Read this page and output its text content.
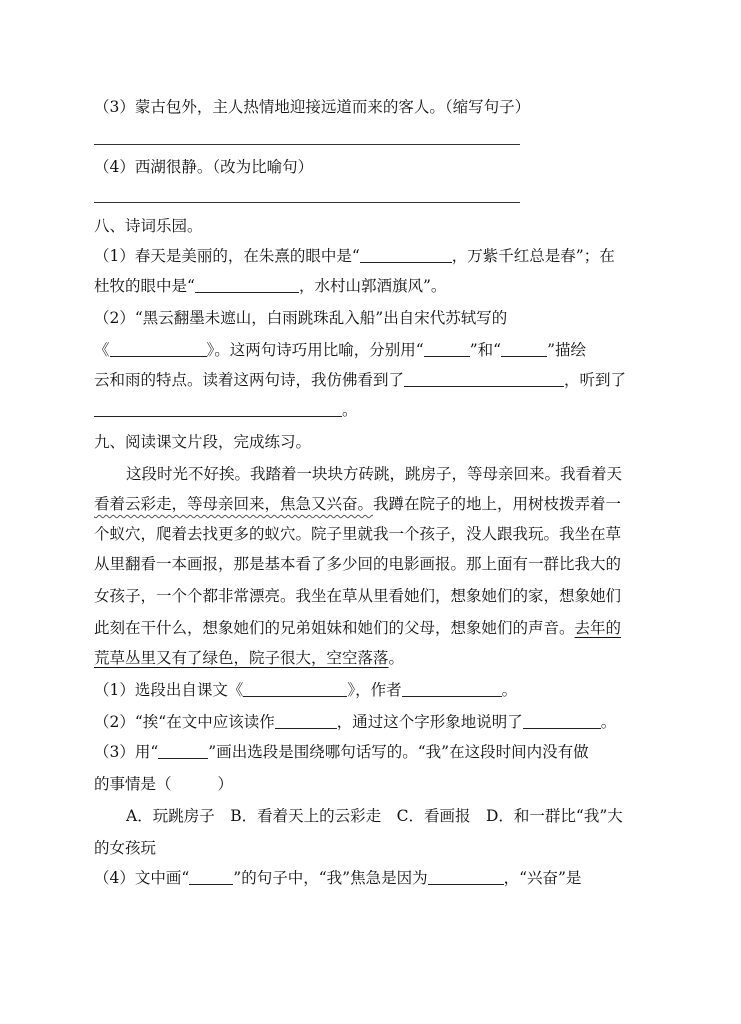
（3）蒙古包外，主人热情地迎接远道而来的客人。（缩写句子）
（4）西湖很静。（改为比喻句）
八、诗词乐园。
（1）春天是美丽的，在朱熹的眼中是“	，万紫千红总是春”；在
杜牧的眼中是“	，水村山郭酒旗风”。
（2）“黑云翻墨未遮山，白雨跳珠乱入船”出自宋代苏轼写的
《	》。这两句诗巧用比喻，分别用“	”和“	”描绘
云和雨的特点。读着这两句诗，我仿佛看到了	，听到了
。
九、阅读课文片段，完成练习。
这段时光不好挨。我踏着一块块方砖跳，跳房子，等母亲回来。我看着天
看着云彩走，等母亲回来，焦急又兴奋。我蹲在院子的地上，用树枝拨弄着一
个蚁穴，爬着去找更多的蚁穴。院子里就我一个孩子，没人跟我玩。我坐在草
从里翻看一本画报，那是基本看了多少回的电影画报。那上面有一群比我大的
女孩子，一个个都非常漂亮。我坐在草从里看她们，想象她们的家，想象她们
此刻在干什么，想象她们的兄弟姐妹和她们的父母，想象她们的声音。去年的
荒草丛里又有了绿色，院子很大，空空落落。
（1）选段出自课文《	》，作者	。
（2）“挨“在文中应该读作	，通过这个字形象地说明了	。
（3）用“	”画出选段是围绕哪句话写的。“我”在这段时间内没有做
的事情是（	）
A．玩跳房子  B．看着天上的云彩走  C．看画报  D．和一群比“我”大
的女孩玩
（4）文中画“	”的句子中，“我”焦急是因为	，“兴奋”是
